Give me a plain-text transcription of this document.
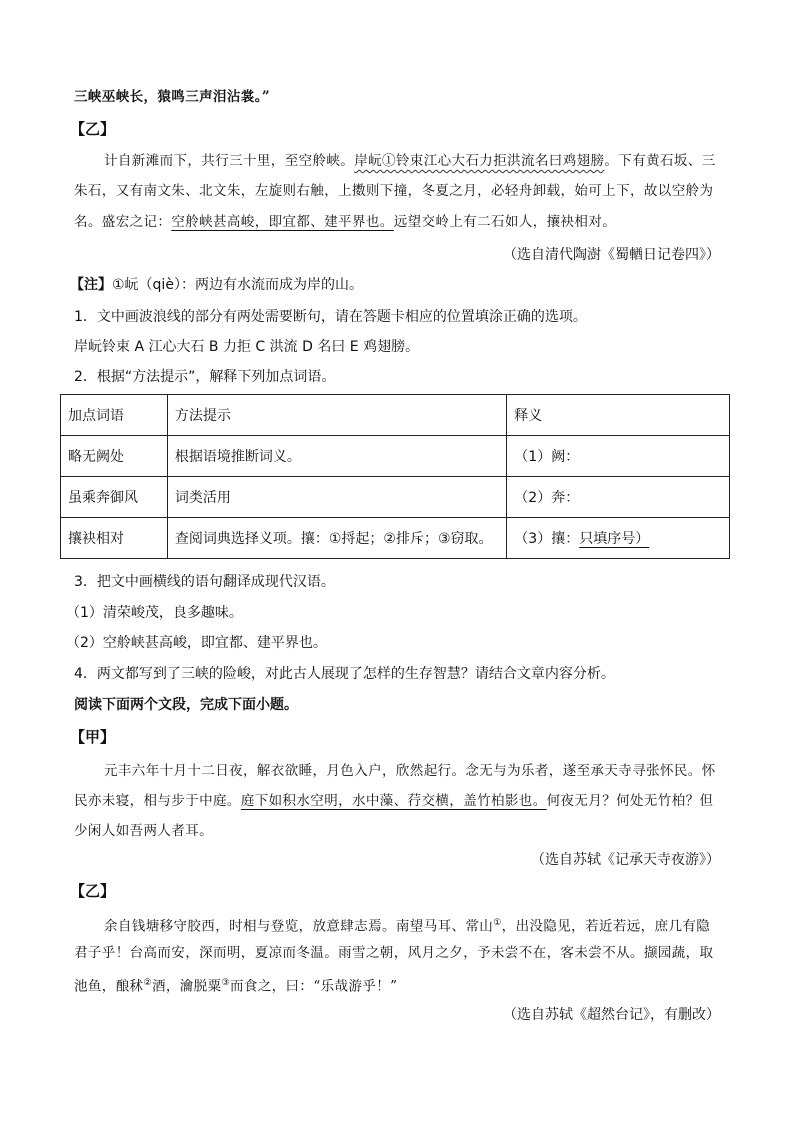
三峡巫峡长，猿鸣三声泪沾裳。”
【乙】
计自新滩而下，共行三十里，至空舲峡。岸岏①铃束江心大石力拒洪流名曰鸡翅膀。下有黄石坂、三
朱石，又有南文朱、北文朱，左旋则右触，上擞则下撞，冬夏之月，必轻舟卸载，始可上下，故以空舲为
名。盛宏之记：空舲峡甚高峻，即宜都、建平界也。远望交岭上有二石如人，攘袂相对。
（选自清代陶澍《蜀輶日记卷四》）
【注】①岏（qiè）：两边有水流而成为岸的山。
1．文中画波浪线的部分有两处需要断句，请在答题卡相应的位置填涂正确的选项。
岸岏铃束 A 江心大石 B 力拒 C 洪流 D 名曰 E 鸡翅膀。
2．根据“方法提示”，解释下列加点词语。
加点词语	方法提示	释义
略无阙处	根据语境推断词义。	（1）阙：
虽乘奔御风	词类活用	（2）奔：
攘袂相对	查阅词典选择义项。攘：①捋起；②排斥；③窃取。	（3）攘：只填序号）
3．把文中画横线的语句翻译成现代汉语。
（1）清荣峻茂，良多趣味。
（2）空舲峡甚高峻，即宜都、建平界也。
4．两文都写到了三峡的险峻，对此古人展现了怎样的生存智慧？请结合文章内容分析。
阅读下面两个文段，完成下面小题。
【甲】
元丰六年十月十二日夜，解衣欲睡，月色入户，欣然起行。念无与为乐者，遂至承天寺寻张怀民。怀
民亦未寝，相与步于中庭。庭下如积水空明，水中藻、荇交横，盖竹柏影也。何夜无月？何处无竹柏？但
少闲人如吾两人者耳。
（选自苏轼《记承天寺夜游》）
【乙】
余自钱塘移守胶西，时相与登览，放意肆志焉。南望马耳、常山①，出没隐见，若近若远，庶几有隐
君子乎！台高而安，深而明，夏凉而冬温。雨雪之朝，风月之夕，予未尝不在，客未尝不从。撷园蔬，取
池鱼，酿秫②酒，瀹脱粟③而食之，曰：“乐哉游乎！”
（选自苏轼《超然台记》，有删改）
